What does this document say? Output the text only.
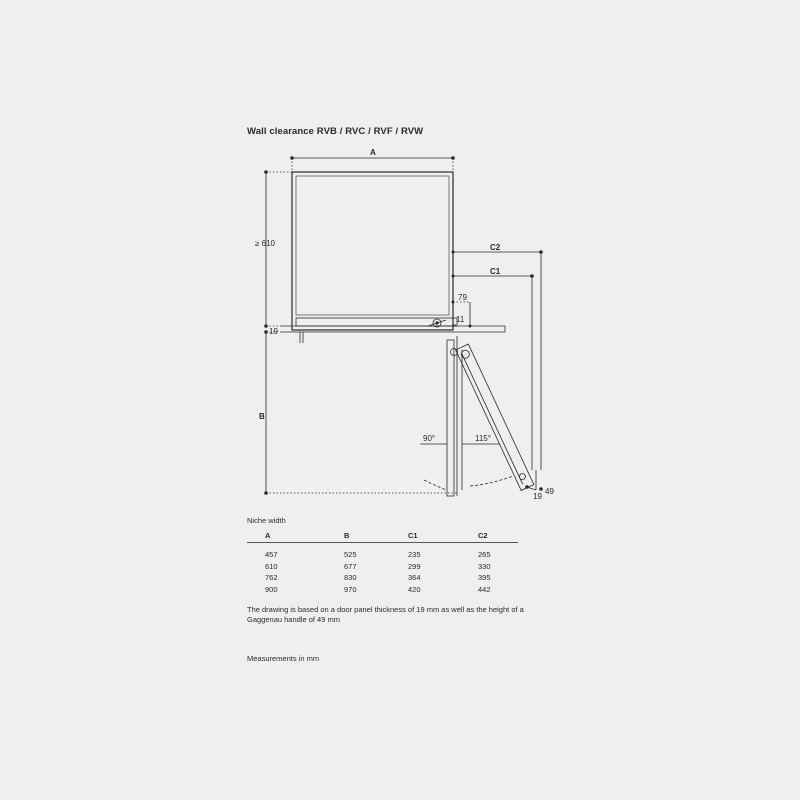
Wall clearance RVB / RVC / RVF / RVW
A
≥ 610
19
B
C2
C1
79
11
90°	115°
19
49
Niche width
A	B	C1	C2
457	525	235	265
610	677	299	330
762	830	364	395
900	970	420	442
The drawing is based on a door panel thickness of 19 mm as well as the height of a Gaggenau handle of 49 mm
Measurements in mm
